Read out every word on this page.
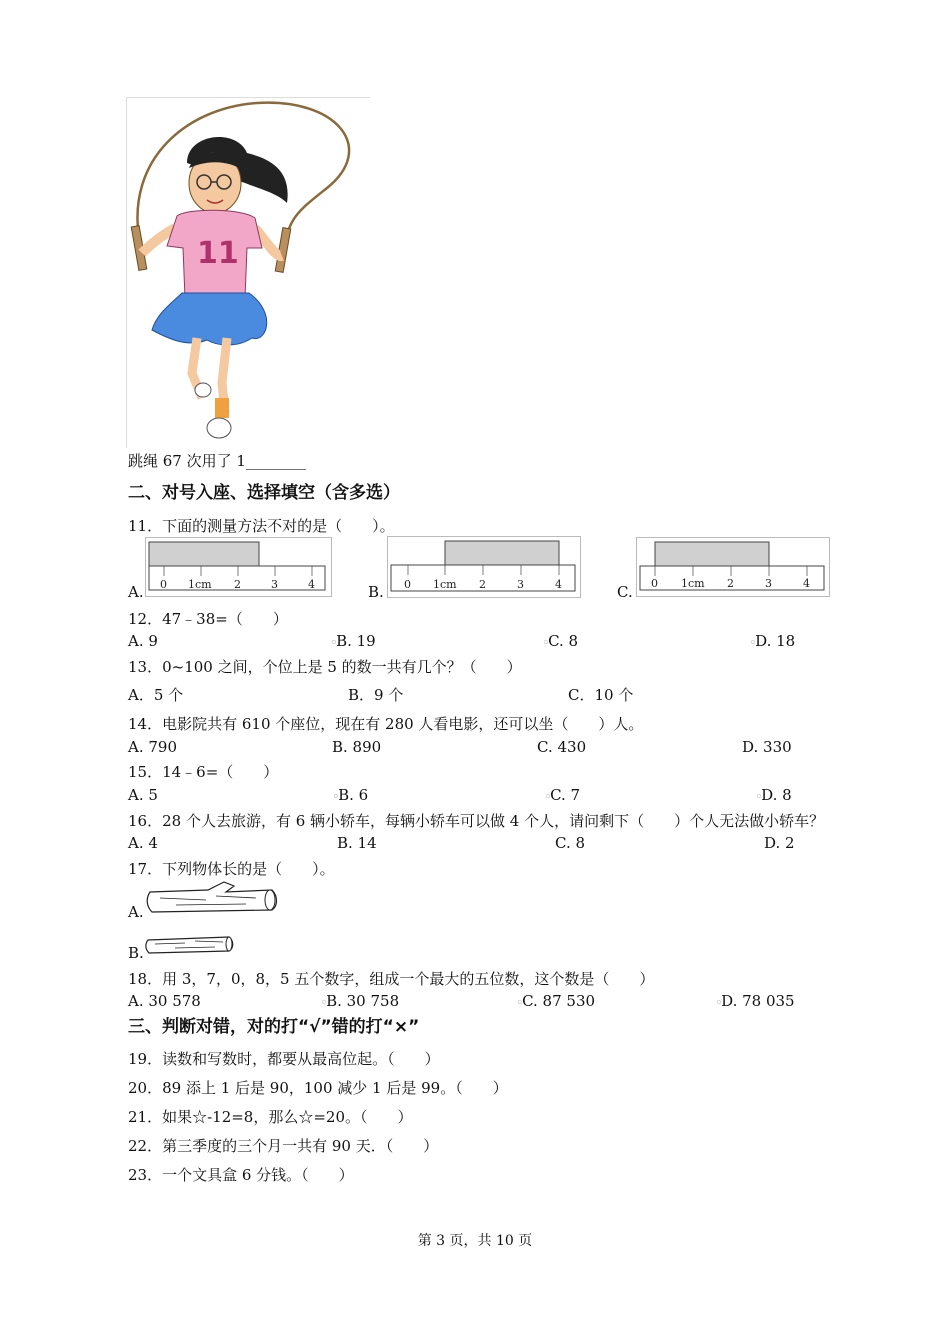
11
跳绳 67 次用了 1________
二、对号入座、选择填空（含多选）
11．下面的测量方法不对的是（　　）。
A. 0 1cm 2	3	4	B. 0 1cm 2	3	4	C. 0 1cm 2	3	4
12．47﹣38=（　　）
A. 9	▫B. 19	▫C. 8	▫D. 18
13．0~100 之间，个位上是 5 的数一共有几个？（　　）
A．5 个	B．9 个	C．10 个
14．电影院共有 610 个座位，现在有 280 人看电影，还可以坐（　　）人。
A. 790	B. 890	C. 430	D. 330
15．14﹣6=（　　）
A. 5	▫B. 6	▫C. 7	▫D. 8
16．28 个人去旅游，有 6 辆小轿车，每辆小轿车可以做 4 个人，请问剩下（　　）个人无法做小轿车？
A. 4	B. 14	C. 8	D. 2
17．下列物体长的是（　　）。
A.
B.
18．用 3，7，0，8，5 五个数字，组成一个最大的五位数，这个数是（　　）
A. 30 578	▫B. 30 758	▫C. 87 530	▫D. 78 035
三、判断对错，对的打“√”错的打“×”
19．读数和写数时，都要从最高位起。（　　）
20．89 添上 1 后是 90，100 减少 1 后是 99。（　　）
21．如果☆-12=8，那么☆=20。（　　）
22．第三季度的三个月一共有 90 天．（　　）
23．一个文具盒 6 分钱。（　　）
第 3 页，共 10 页
